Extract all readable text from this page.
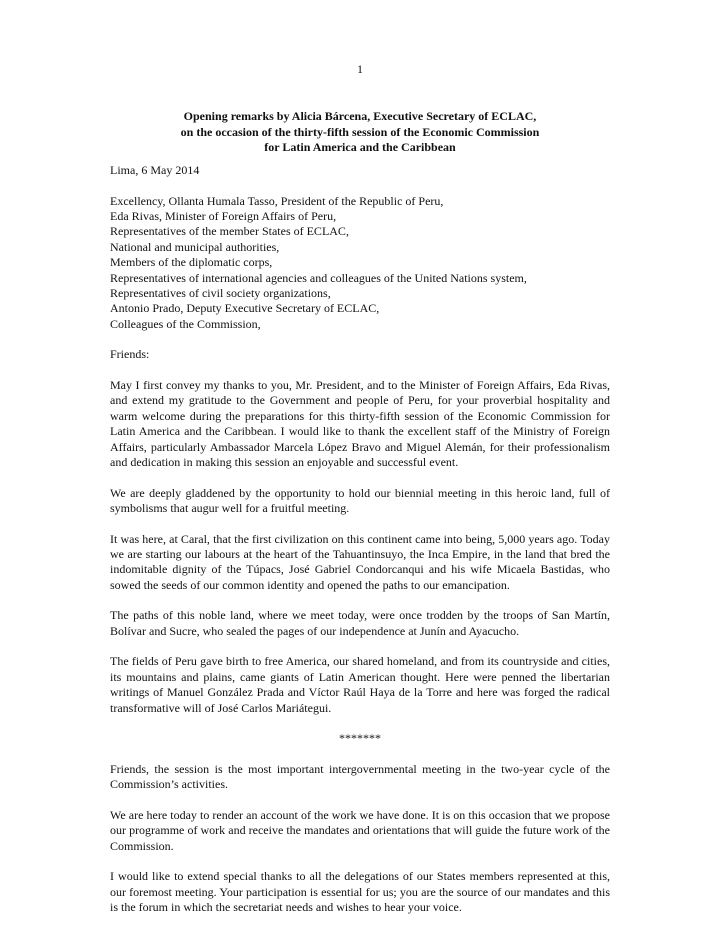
1
Opening remarks by Alicia Bárcena, Executive Secretary of ECLAC,
on the occasion of the thirty-fifth session of the Economic Commission
for Latin America and the Caribbean

Lima, 6 May 2014

Excellency, Ollanta Humala Tasso, President of the Republic of Peru,
Eda Rivas, Minister of Foreign Affairs of Peru,
Representatives of the member States of ECLAC,
National and municipal authorities,
Members of the diplomatic corps,
Representatives of international agencies and colleagues of the United Nations system,
Representatives of civil society organizations,
Antonio Prado, Deputy Executive Secretary of ECLAC,
Colleagues of the Commission,

Friends:

May I first convey my thanks to you, Mr. President, and to the Minister of Foreign Affairs, Eda Rivas, and extend my gratitude to the Government and people of Peru, for your proverbial hospitality and warm welcome during the preparations for this thirty-fifth session of the Economic Commission for Latin America and the Caribbean. I would like to thank the excellent staff of the Ministry of Foreign Affairs, particularly Ambassador Marcela López Bravo and Miguel Alemán, for their professionalism and dedication in making this session an enjoyable and successful event.

We are deeply gladdened by the opportunity to hold our biennial meeting in this heroic land, full of symbolisms that augur well for a fruitful meeting.

It was here, at Caral, that the first civilization on this continent came into being, 5,000 years ago. Today we are starting our labours at the heart of the Tahuantinsuyo, the Inca Empire, in the land that bred the indomitable dignity of the Túpacs, José Gabriel Condorcanqui and his wife Micaela Bastidas, who sowed the seeds of our common identity and opened the paths to our emancipation.

The paths of this noble land, where we meet today, were once trodden by the troops of San Martín, Bolívar and Sucre, who sealed the pages of our independence at Junín and Ayacucho.

The fields of Peru gave birth to free America, our shared homeland, and from its countryside and cities, its mountains and plains, came giants of Latin American thought. Here were penned the libertarian writings of Manuel González Prada and Víctor Raúl Haya de la Torre and here was forged the radical transformative will of José Carlos Mariátegui.

*******

Friends, the session is the most important intergovernmental meeting in the two-year cycle of the Commission’s activities.

We are here today to render an account of the work we have done. It is on this occasion that we propose our programme of work and receive the mandates and orientations that will guide the future work of the Commission.

I would like to extend special thanks to all the delegations of our States members represented at this, our foremost meeting. Your participation is essential for us; you are the source of our mandates and this is the forum in which the secretariat needs and wishes to hear your voice.
